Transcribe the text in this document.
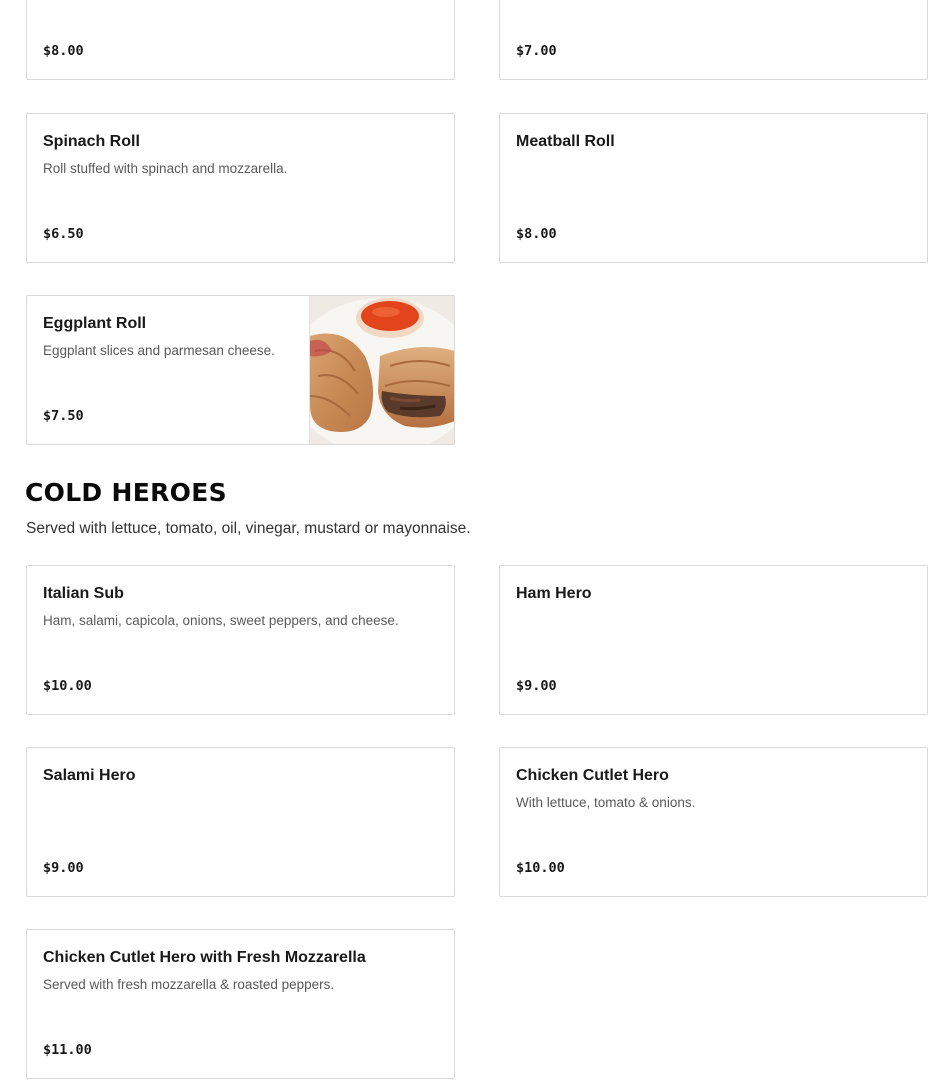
$8.00	$7.00
Spinach Roll
Roll stuffed with spinach and mozzarella.
$6.50
Meatball Roll
$8.00
Eggplant Roll
Eggplant slices and parmesan cheese.
$7.50
COLD HEROES
Served with lettuce, tomato, oil, vinegar, mustard or mayonnaise.
Italian Sub
Ham, salami, capicola, onions, sweet peppers, and cheese.
$10.00
Ham Hero
$9.00
Salami Hero
$9.00
Chicken Cutlet Hero
With lettuce, tomato & onions.
$10.00
Chicken Cutlet Hero with Fresh Mozzarella
Served with fresh mozzarella & roasted peppers.
$11.00
